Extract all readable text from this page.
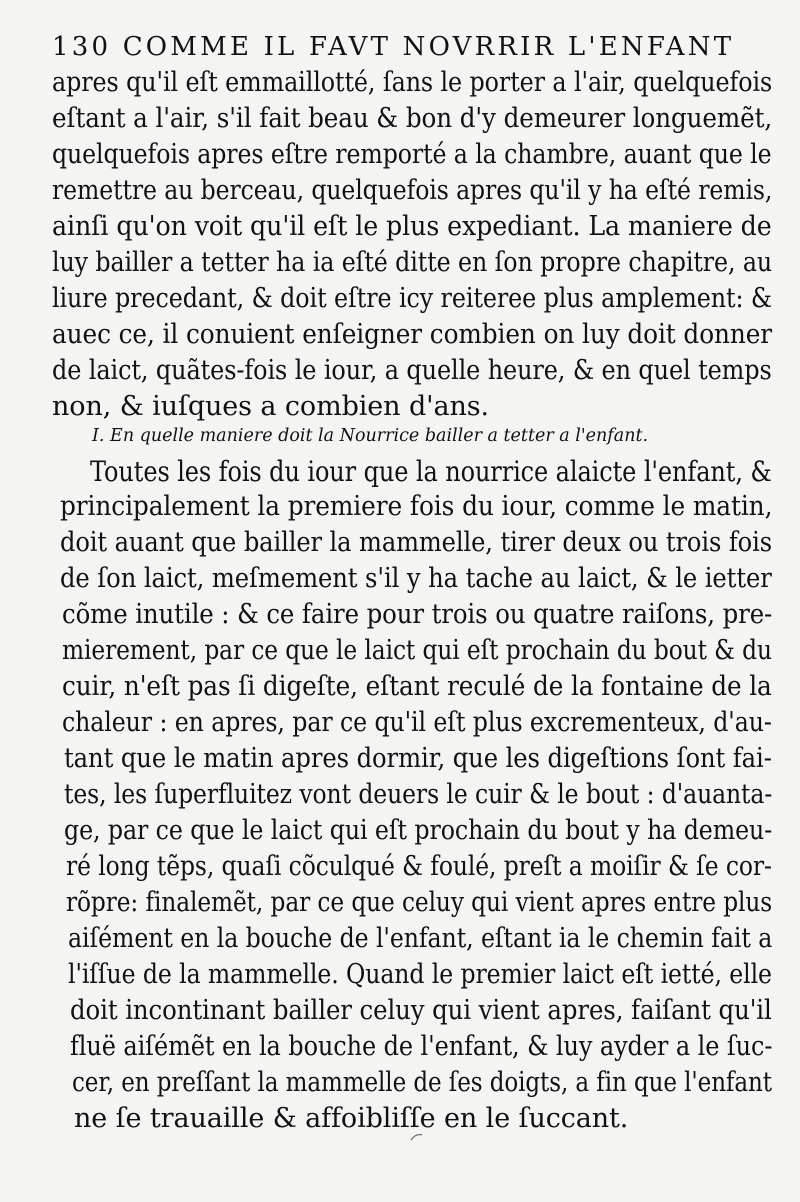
130 COMME IL FAVT NOVRRIR L'ENFANT
apres qu'il eſt emmaillotté, ſans le porter a l'air, quelquefois
eſtant a l'air, s'il fait beau & bon d'y demeurer longuemẽt,
quelquefois apres eſtre remporté a la chambre, auant que le
remettre au berceau, quelquefois apres qu'il y ha eſté remis,
ainſi qu'on voit qu'il eſt le plus expediant. La maniere de
luy bailler a tetter ha ia eſté ditte en ſon propre chapitre, au
liure precedant, & doit eſtre icy reiteree plus amplement: &
auec ce, il conuient enſeigner combien on luy doit donner
de laict, quãtes-fois le iour, a quelle heure, & en quel temps
non, & iuſques a combien d'ans.
I. En quelle maniere doit la Nourrice bailler a tetter a l'enfant.
Toutes les fois du iour que la nourrice alaicte l'enfant, &
principalement la premiere fois du iour, comme le matin,
doit auant que bailler la mammelle, tirer deux ou trois fois
de ſon laict, meſmement s'il y ha tache au laict, & le ietter
cõme inutile : & ce faire pour trois ou quatre raiſons, pre-
mierement, par ce que le laict qui eſt prochain du bout & du
cuir, n'eſt pas ſi digeſte, eſtant reculé de la fontaine de la
chaleur : en apres, par ce qu'il eſt plus excrementeux, d'au-
tant que le matin apres dormir, que les digeſtions ſont fai-
tes, les ſuperfluitez vont deuers le cuir & le bout : d'auanta-
ge, par ce que le laict qui eſt prochain du bout y ha demeu-
ré long tẽps, quaſi cõculqué & foulé, preſt a moiſir & ſe cor-
rõpre: finalemẽt, par ce que celuy qui vient apres entre plus
aiſément en la bouche de l'enfant, eſtant ia le chemin fait a
l'iſſue de la mammelle. Quand le premier laict eſt ietté, elle
doit incontinant bailler celuy qui vient apres, faiſant qu'il
fluë aiſémẽt en la bouche de l'enfant, & luy ayder a le ſuc-
cer, en preſſant la mammelle de ſes doigts, a fin que l'enfant
ne ſe trauaille & affoibliſſe en le ſuccant.
